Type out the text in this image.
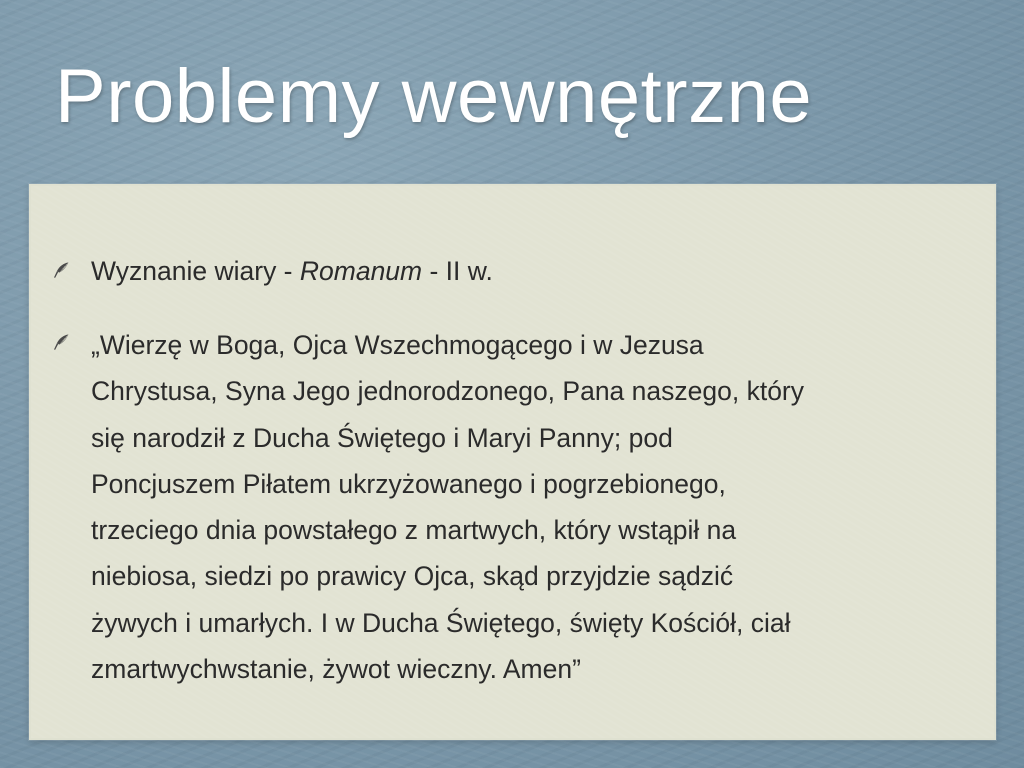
Problemy wewnętrzne

Wyznanie wiary - Romanum - II w.

„Wierzę w Boga, Ojca Wszechmogącego i w Jezusa
Chrystusa, Syna Jego jednorodzonego, Pana naszego, który
się narodził z Ducha Świętego i Maryi Panny; pod
Poncjuszem Piłatem ukrzyżowanego i pogrzebionego,
trzeciego dnia powstałego z martwych, który wstąpił na
niebiosa, siedzi po prawicy Ojca, skąd przyjdzie sądzić
żywych i umarłych. I w Ducha Świętego, święty Kościół, ciał
zmartwychwstanie, żywot wieczny. Amen”
